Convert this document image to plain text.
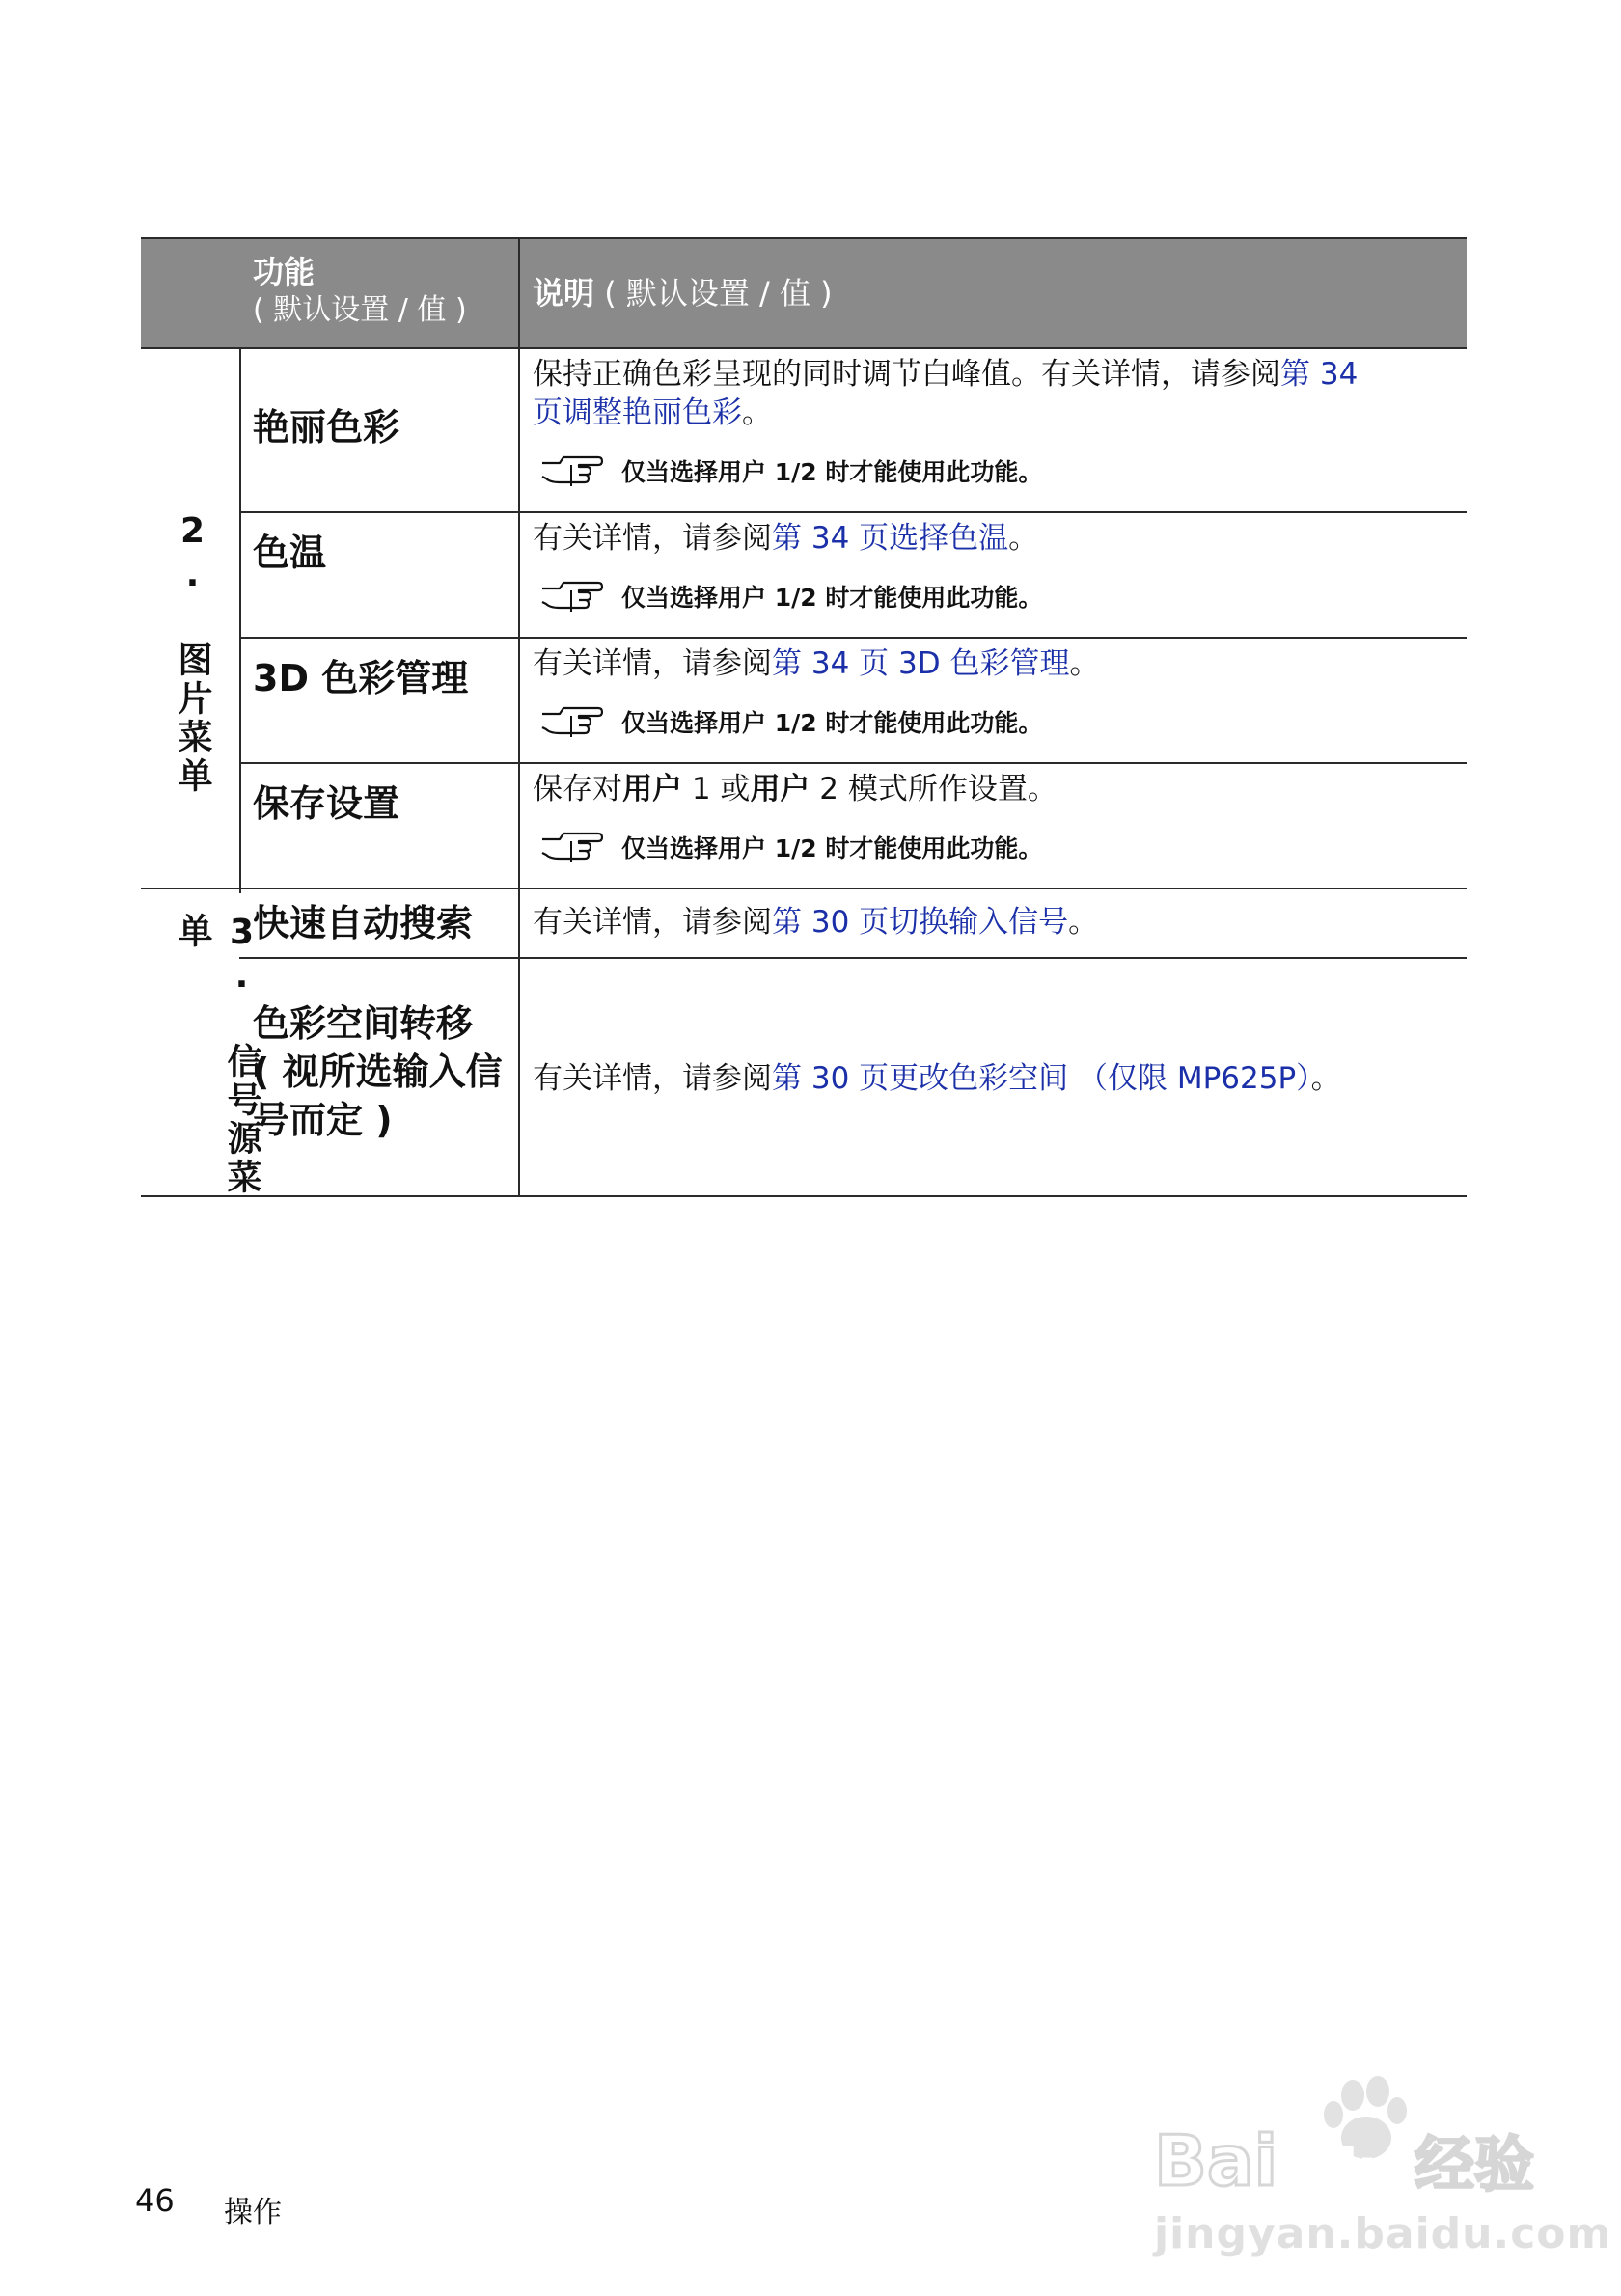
功能
( 默认设置 / 值 ) 说明 ( 默认设置 / 值 )
2. 图片菜单
3. 信号源菜单
艳丽色彩
保持正确色彩呈现的同时调节白峰值。有关详情，请参阅第 34
页调整艳丽色彩。
仅当选择用户 1/2 时才能使用此功能。
色温	有关详情，请参阅第 34 页选择色温。
仅当选择用户 1/2 时才能使用此功能。
3D 色彩管理 有关详情，请参阅第 34 页 3D 色彩管理。
仅当选择用户 1/2 时才能使用此功能。
保存设置	保存对用户 1 或用户 2 模式所作设置。
仅当选择用户 1/2 时才能使用此功能。
快速自动搜索 有关详情，请参阅第 30 页切换输入信号。
色彩空间转移
( 视所选输入信
号而定 )
有关详情，请参阅第 30 页更改色彩空间 （仅限 MP625P）。
46 操作
Bai du 经验
jingyan.baidu.com
